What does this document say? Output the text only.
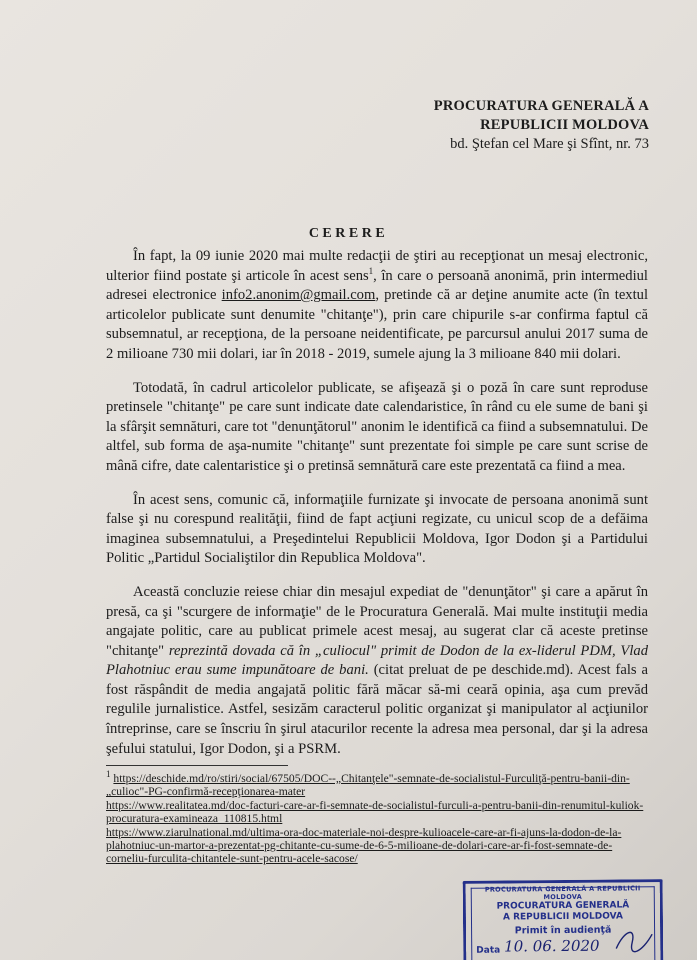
PROCURATURA GENERALĂ A
REPUBLICII MOLDOVA
bd. Ştefan cel Mare şi Sfînt, nr. 73
CERERE

În fapt, la 09 iunie 2020 mai multe redacţii de ştiri au recepţionat un mesaj electronic, ulterior fiind postate şi articole în acest sens$^1$, în care o persoană anonimă, prin intermediul adresei electronice info2.anonim@gmail.com, pretinde că ar deţine anumite acte (în textul articolelor publicate sunt denumite "chitanţe"), prin care chipurile s-ar confirma faptul că subsemnatul, ar recepţiona, de la persoane neidentificate, pe parcursul anului 2017 suma de 2 milioane 730 mii dolari, iar în 2018 - 2019, sumele ajung la 3 milioane 840 mii dolari.

Totodată, în cadrul articolelor publicate, se afişează şi o poză în care sunt reproduse pretinsele "chitanţe" pe care sunt indicate date calendaristice, în rând cu ele sume de bani şi la sfârşit semnături, care tot "denunţătorul" anonim le identifică ca fiind a subsemnatului. De altfel, sub forma de aşa-numite "chitanţe" sunt prezentate foi simple pe care sunt scrise de mână cifre, date calentaristice şi o pretinsă semnătură care este prezentată ca fiind a mea.

În acest sens, comunic că, informaţiile furnizate şi invocate de persoana anonimă sunt false şi nu corespund realităţii, fiind de fapt acţiuni regizate, cu unicul scop de a defăima imaginea subsemnatului, a Preşedintelui Republicii Moldova, Igor Dodon şi a Partidului Politic „Partidul Socialiştilor din Republica Moldova".

Această concluzie reiese chiar din mesajul expediat de "denunţător" şi care a apărut în presă, ca şi "scurgere de informaţie" de le Procuratura Generală. Mai multe instituţii media angajate politic, care au publicat primele acest mesaj, au sugerat clar că aceste pretinse "chitanţe" reprezintă dovada că în „culiocul" primit de Dodon de la ex-liderul PDM, Vlad Plahotniuc erau sume impunătoare de bani. (citat preluat de pe deschide.md). Acest fals a fost răspândit de media angajată politic fără măcar să-mi ceară opinia, aşa cum prevăd regulile jurnalistice. Astfel, sesizăm caracterul politic organizat şi manipulator al acţiunilor întreprinse, care se înscriu în şirul atacurilor recente la adresa mea personal, dar şi la adresa şefului statului, Igor Dodon, şi a PSRM.

$^1$ https://deschide.md/ro/stiri/social/67505/DOC--„Chitanţele"-semnate-de-socialistul-Furculiţă-pentru-banii-din-„culioc"-PG-confirmă-recepţionarea-mater
https://www.realitatea.md/doc-facturi-care-ar-fi-semnate-de-socialistul-furculi-a-pentru-banii-din-renumitul-kuliok-procuratura-examineaza_110815.html
https://www.ziarulnational.md/ultima-ora-doc-materiale-noi-despre-kulioacele-care-ar-fi-ajuns-la-dodon-de-la-plahotniuc-un-martor-a-prezentat-pg-chitante-cu-sume-de-6-5-milioane-de-dolari-care-ar-fi-fost-semnate-de-corneliu-furculita-chitantele-sunt-pentru-acele-sacose/
PROCURATURA GENERALĂ A REPUBLICII MOLDOVA
PROCURATURA GENERALĂ
A REPUBLICII MOLDOVA
Primit în audienţă
Data 10. 06. 2020
